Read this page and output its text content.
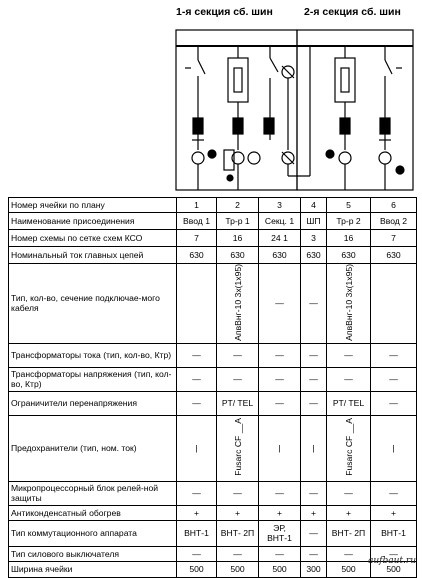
1-я секция сб. шин	2-я секция сб. шин
Номер ячейки по плану	1	2	3	4	5	6
Наименование присоединения	Ввод 1	Тр-р 1	Секц. 1	ШП	Тр-р 2	Ввод 2
Номер схемы по сетке схем КСО	7	16	24 1	3	16	7
Номинальный ток главных цепей	630	630	630	630	630	630
Тип, кол-во, сечение подключае-мого кабеля		АпвВнг-10 3х(1х95)	—	—	АпвВнг-10 3х(1х95)	
Трансформаторы тока (тип, кол-во, Ктр)	—	—	—	—	—	—
Трансформаторы напряжения (тип, кол-во, Ктр)	—	—	—	—	—	—
Ограничители перенапряжения	—	PT/ TEL	—	—	PT/ TEL	—
Предохранители (тип, ном. ток)	|	Fusarc CF __A	|	|	Fusarc CF __A	|
Микропроцессорный блок релей-ной защиты	—	—	—	—	—	—
Антиконденсатный обогрев	+	+	+	+	+	+
Тип коммутационного аппарата	ВНТ-1	ВНТ- 2П	ЭР, ВНТ-1	—	ВНТ- 2П	ВНТ-1
Тип силового выключателя	—	—	—	—	—	—
Ширина ячейки	500	500	500	300	500	500
aufbaut.ru
